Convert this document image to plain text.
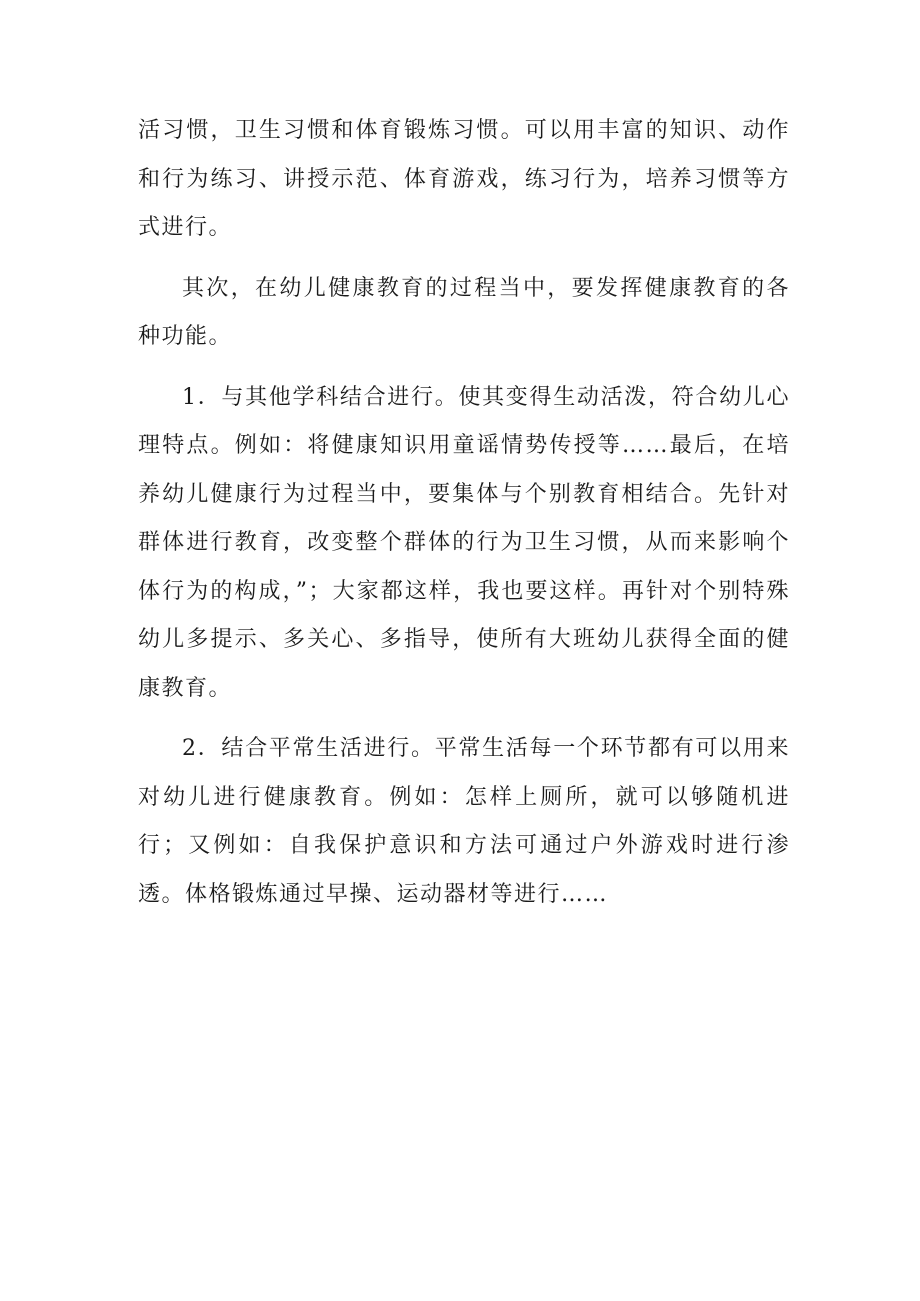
活习惯，卫生习惯和体育锻炼习惯。可以用丰富的知识、动作和行为练习、讲授示范、体育游戏，练习行为，培养习惯等方式进行。

其次，在幼儿健康教育的过程当中，要发挥健康教育的各种功能。

1．与其他学科结合进行。使其变得生动活泼，符合幼儿心理特点。例如：将健康知识用童谣情势传授等……最后，在培养幼儿健康行为过程当中，要集体与个别教育相结合。先针对群体进行教育，改变整个群体的行为卫生习惯，从而来影响个体行为的构成，”；大家都这样，我也要这样。再针对个别特殊幼儿多提示、多关心、多指导，使所有大班幼儿获得全面的健康教育。

2．结合平常生活进行。平常生活每一个环节都有可以用来对幼儿进行健康教育。例如：怎样上厕所，就可以够随机进行；又例如：自我保护意识和方法可通过户外游戏时进行渗透。体格锻炼通过早操、运动器材等进行……
